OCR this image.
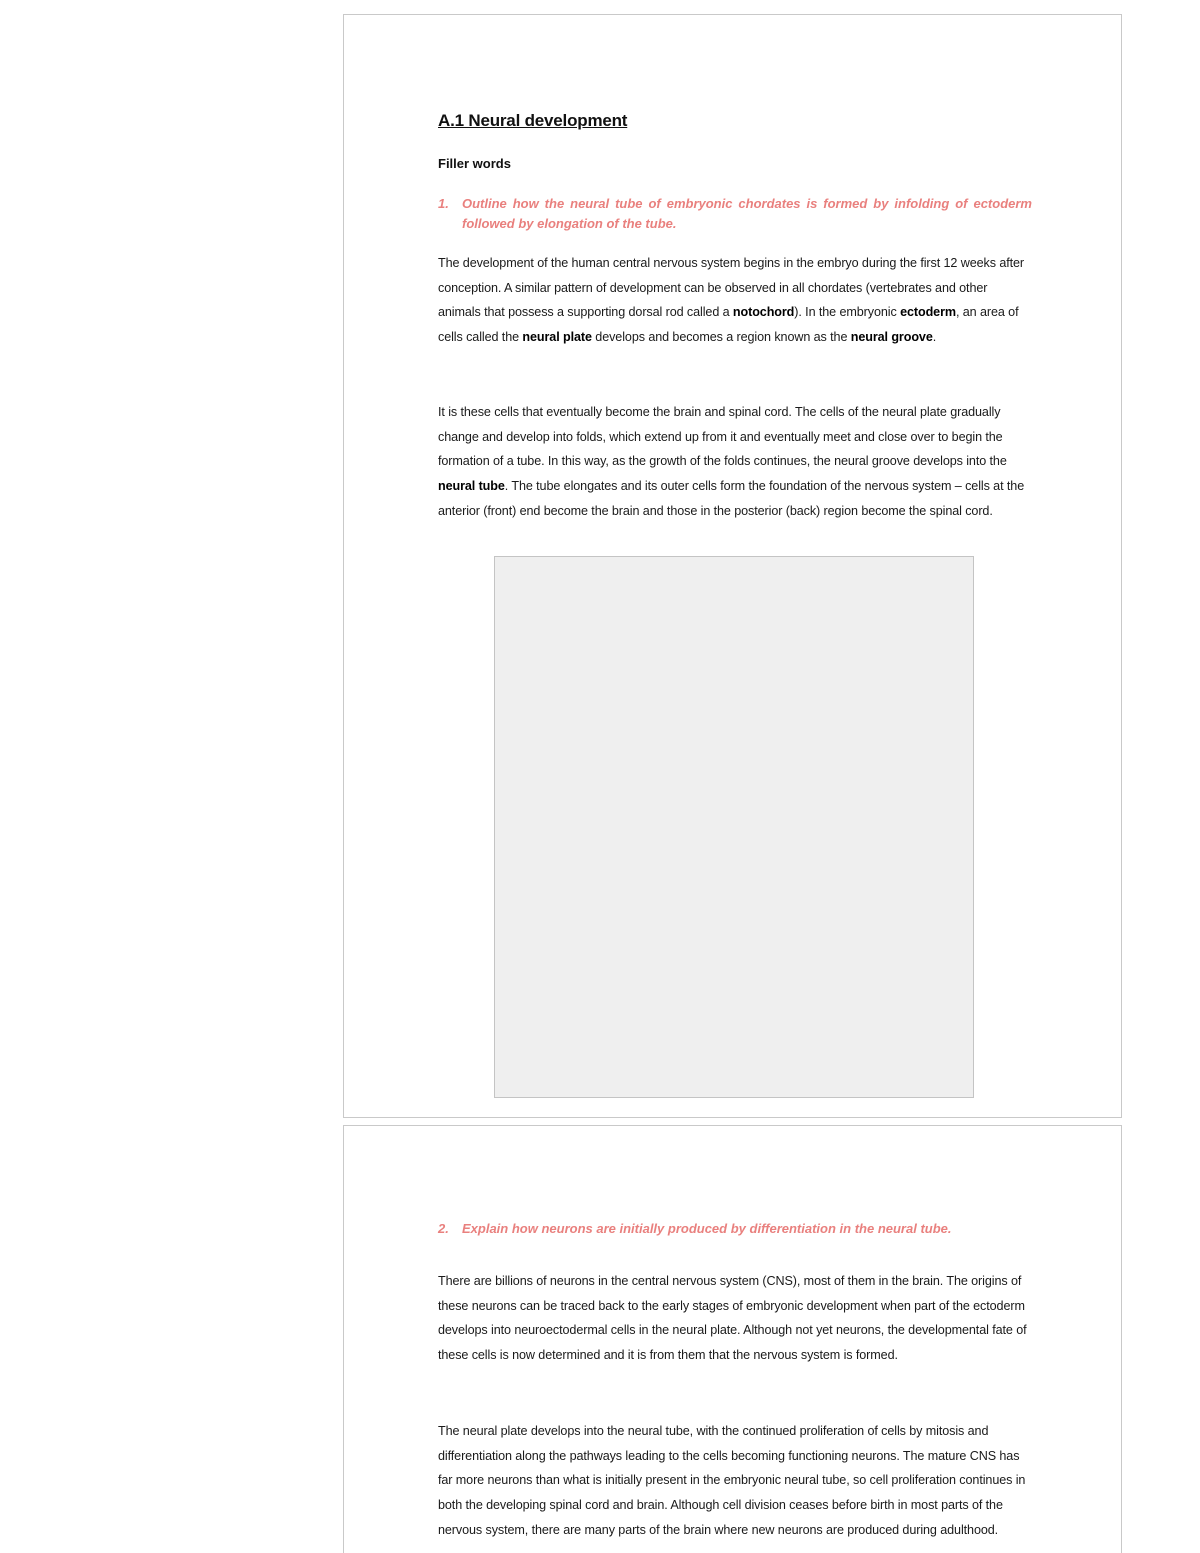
A.1 Neural development
Filler words
1. Outline how the neural tube of embryonic chordates is formed by infolding of ectoderm followed by elongation of the tube.

The development of the human central nervous system begins in the embryo during the first 12 weeks after conception. A similar pattern of development can be observed in all chordates (vertebrates and other animals that possess a supporting dorsal rod called a notochord). In the embryonic ectoderm, an area of cells called the neural plate develops and becomes a region known as the neural groove.

It is these cells that eventually become the brain and spinal cord. The cells of the neural plate gradually change and develop into folds, which extend up from it and eventually meet and close over to begin the formation of a tube. In this way, as the growth of the folds continues, the neural groove develops into the neural tube. The tube elongates and its outer cells form the foundation of the nervous system – cells at the anterior (front) end become the brain and those in the posterior (back) region become the spinal cord.

2. Explain how neurons are initially produced by differentiation in the neural tube.

There are billions of neurons in the central nervous system (CNS), most of them in the brain. The origins of these neurons can be traced back to the early stages of embryonic development when part of the ectoderm develops into neuroectodermal cells in the neural plate. Although not yet neurons, the developmental fate of these cells is now determined and it is from them that the nervous system is formed.

The neural plate develops into the neural tube, with the continued proliferation of cells by mitosis and differentiation along the pathways leading to the cells becoming functioning neurons. The mature CNS has far more neurons than what is initially present in the embryonic neural tube, so cell proliferation continues in both the developing spinal cord and brain. Although cell division ceases before birth in most parts of the nervous system, there are many parts of the brain where new neurons are produced during adulthood.
